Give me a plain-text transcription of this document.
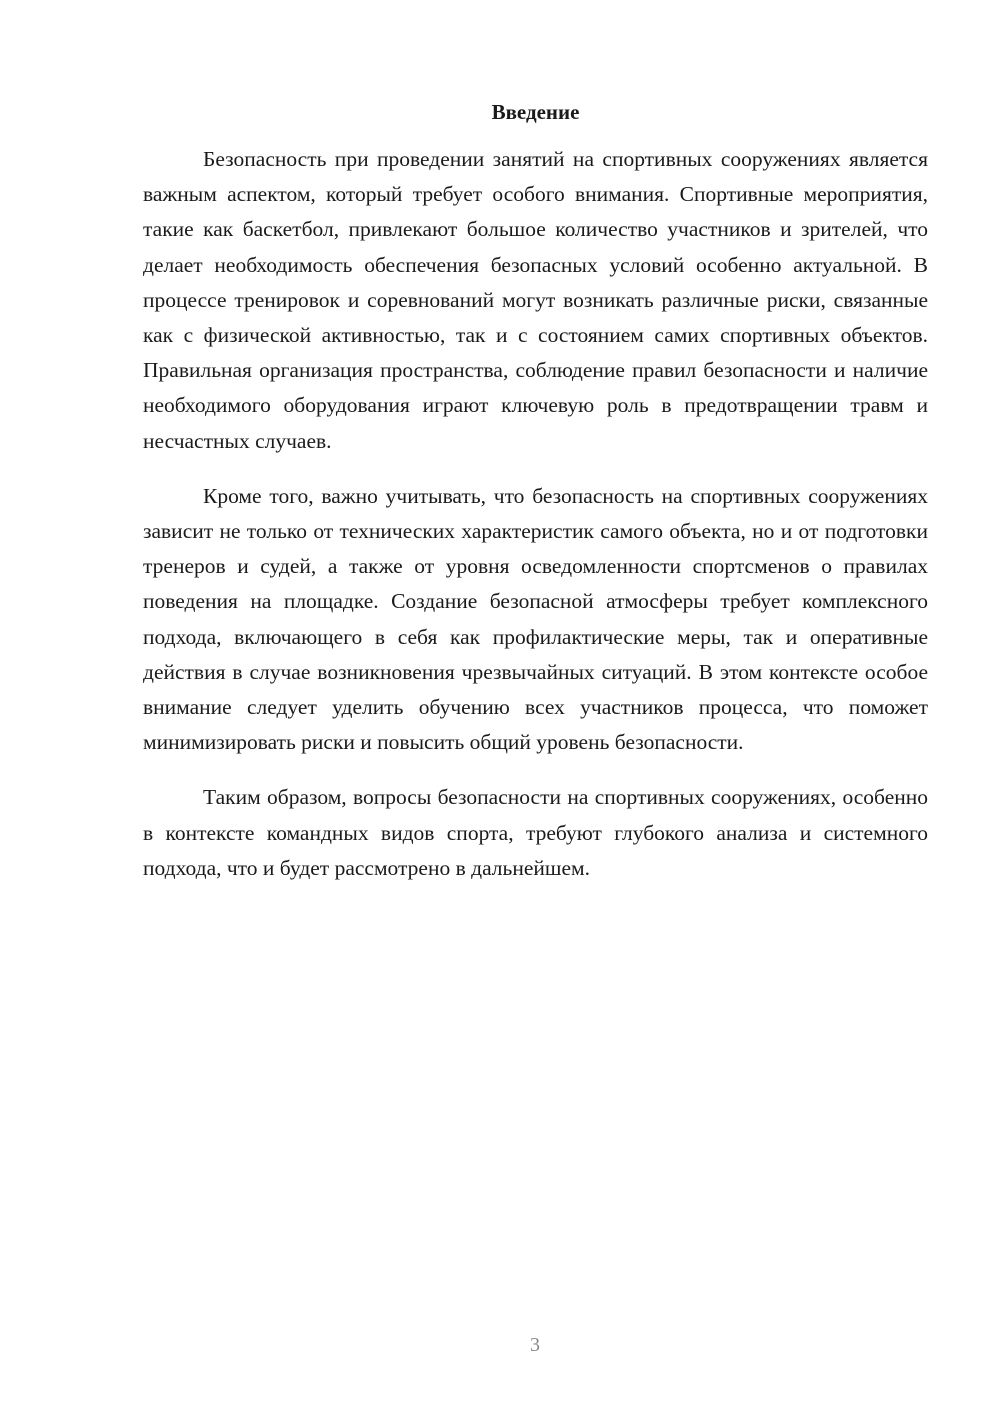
Введение

Безопасность при проведении занятий на спортивных сооружениях является важным аспектом, который требует особого внимания. Спортивные мероприятия, такие как баскетбол, привлекают большое количество участников и зрителей, что делает необходимость обеспечения безопасных условий особенно актуальной. В процессе тренировок и соревнований могут возникать различные риски, связанные как с физической активностью, так и с состоянием самих спортивных объектов. Правильная организация пространства, соблюдение правил безопасности и наличие необходимого оборудования играют ключевую роль в предотвращении травм и несчастных случаев.

Кроме того, важно учитывать, что безопасность на спортивных сооружениях зависит не только от технических характеристик самого объекта, но и от подготовки тренеров и судей, а также от уровня осведомленности спортсменов о правилах поведения на площадке. Создание безопасной атмосферы требует комплексного подхода, включающего в себя как профилактические меры, так и оперативные действия в случае возникновения чрезвычайных ситуаций. В этом контексте особое внимание следует уделить обучению всех участников процесса, что поможет минимизировать риски и повысить общий уровень безопасности.

Таким образом, вопросы безопасности на спортивных сооружениях, особенно в контексте командных видов спорта, требуют глубокого анализа и системного подхода, что и будет рассмотрено в дальнейшем.

3
